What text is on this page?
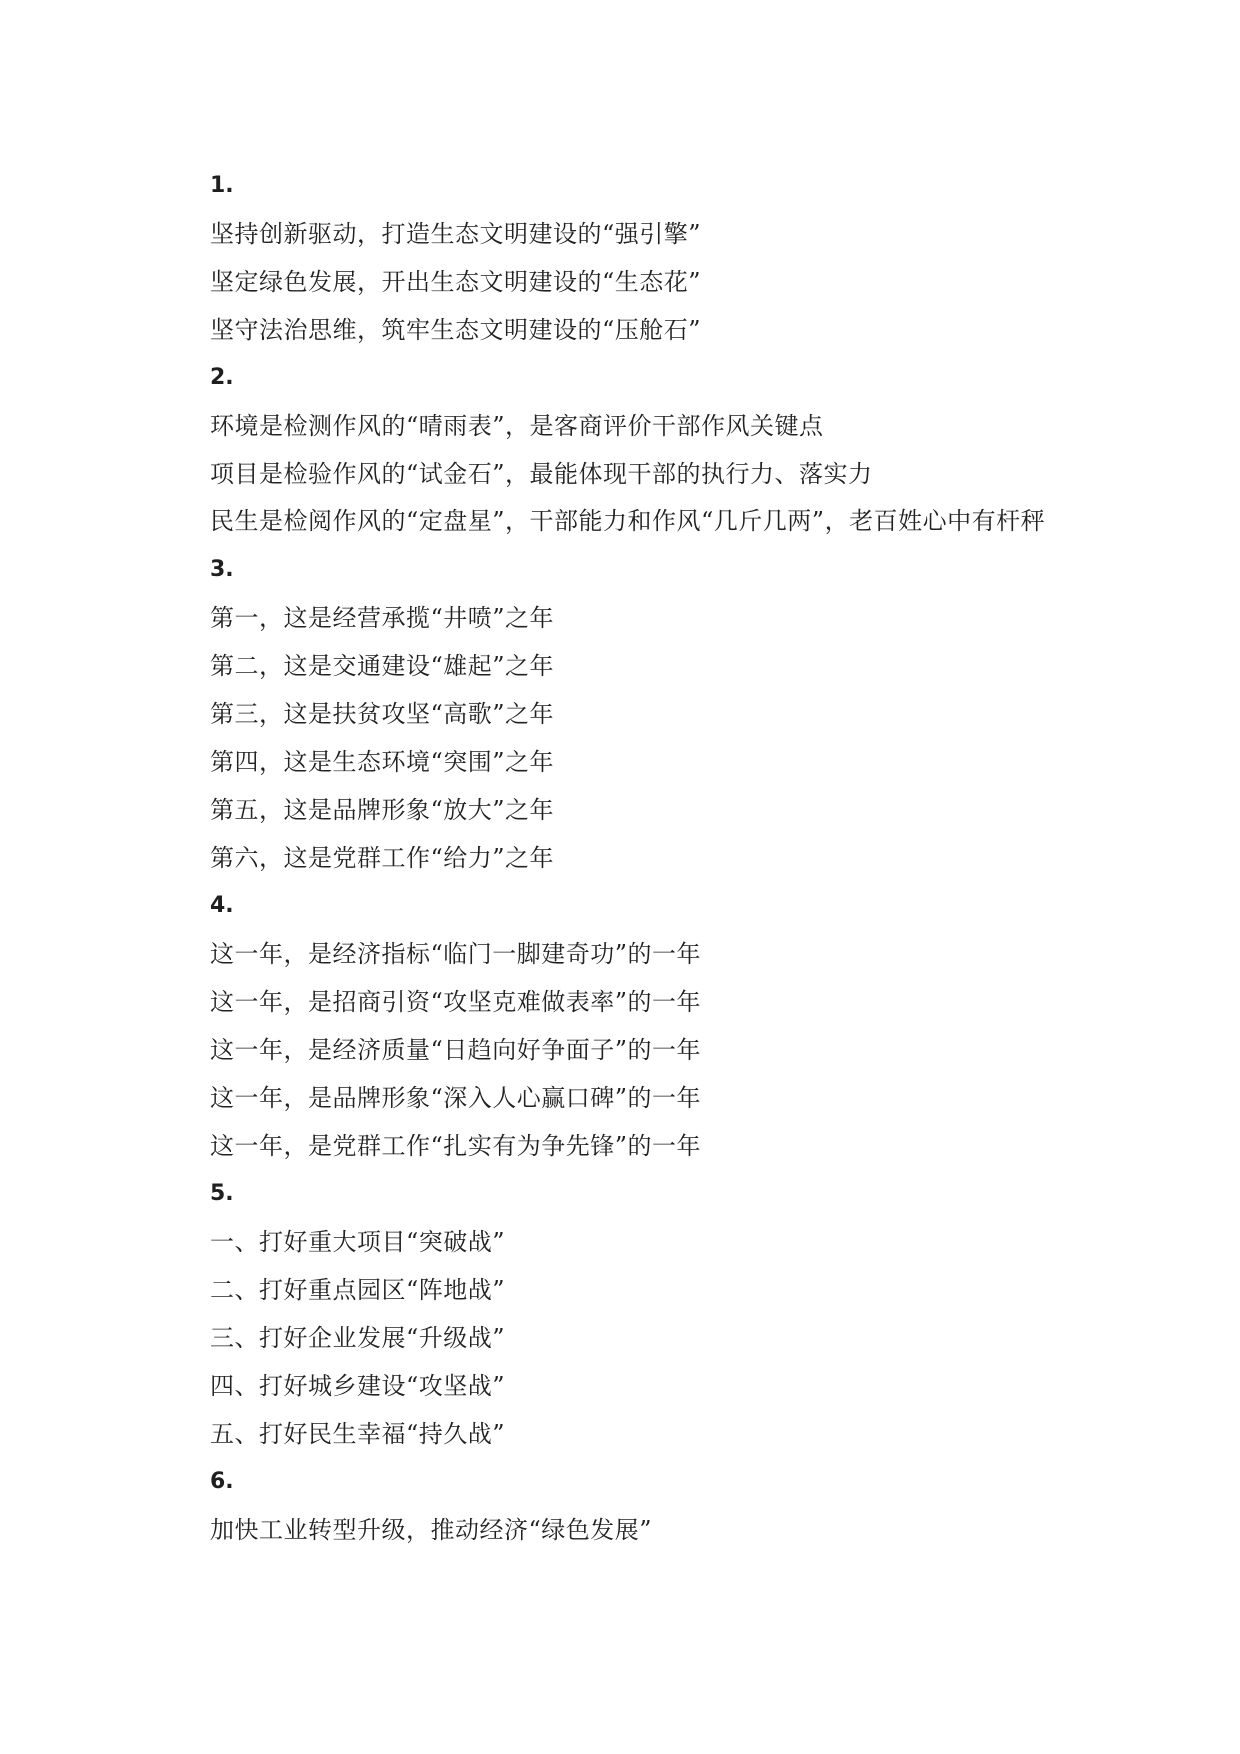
1.
坚持创新驱动，打造生态文明建设的“强引擎”
坚定绿色发展，开出生态文明建设的“生态花”
坚守法治思维，筑牢生态文明建设的“压舱石”
2.
环境是检测作风的“晴雨表”，是客商评价干部作风关键点
项目是检验作风的“试金石”，最能体现干部的执行力、落实力
民生是检阅作风的“定盘星”，干部能力和作风“几斤几两”，老百姓心中有杆秤
3.
第一，这是经营承揽“井喷”之年
第二，这是交通建设“雄起”之年
第三，这是扶贫攻坚“高歌”之年
第四，这是生态环境“突围”之年
第五，这是品牌形象“放大”之年
第六，这是党群工作“给力”之年
4.
这一年，是经济指标“临门一脚建奇功”的一年
这一年，是招商引资“攻坚克难做表率”的一年
这一年，是经济质量“日趋向好争面子”的一年
这一年，是品牌形象“深入人心赢口碑”的一年
这一年，是党群工作“扎实有为争先锋”的一年
5.
一、打好重大项目“突破战”
二、打好重点园区“阵地战”
三、打好企业发展“升级战”
四、打好城乡建设“攻坚战”
五、打好民生幸福“持久战”
6.
加快工业转型升级，推动经济“绿色发展”
